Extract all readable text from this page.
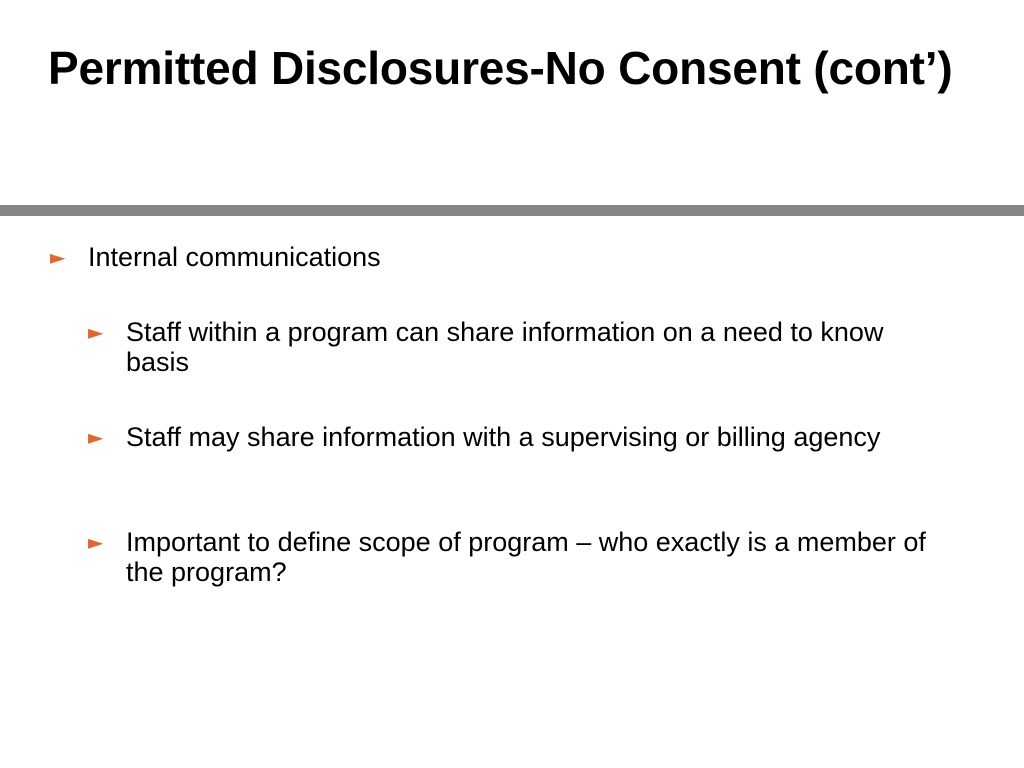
Permitted Disclosures-No Consent (cont’)
► Internal communications
► Staff within a program can share information on a need to know basis
► Staff may share information with a supervising or billing agency
► Important to define scope of program – who exactly is a member of the program?
